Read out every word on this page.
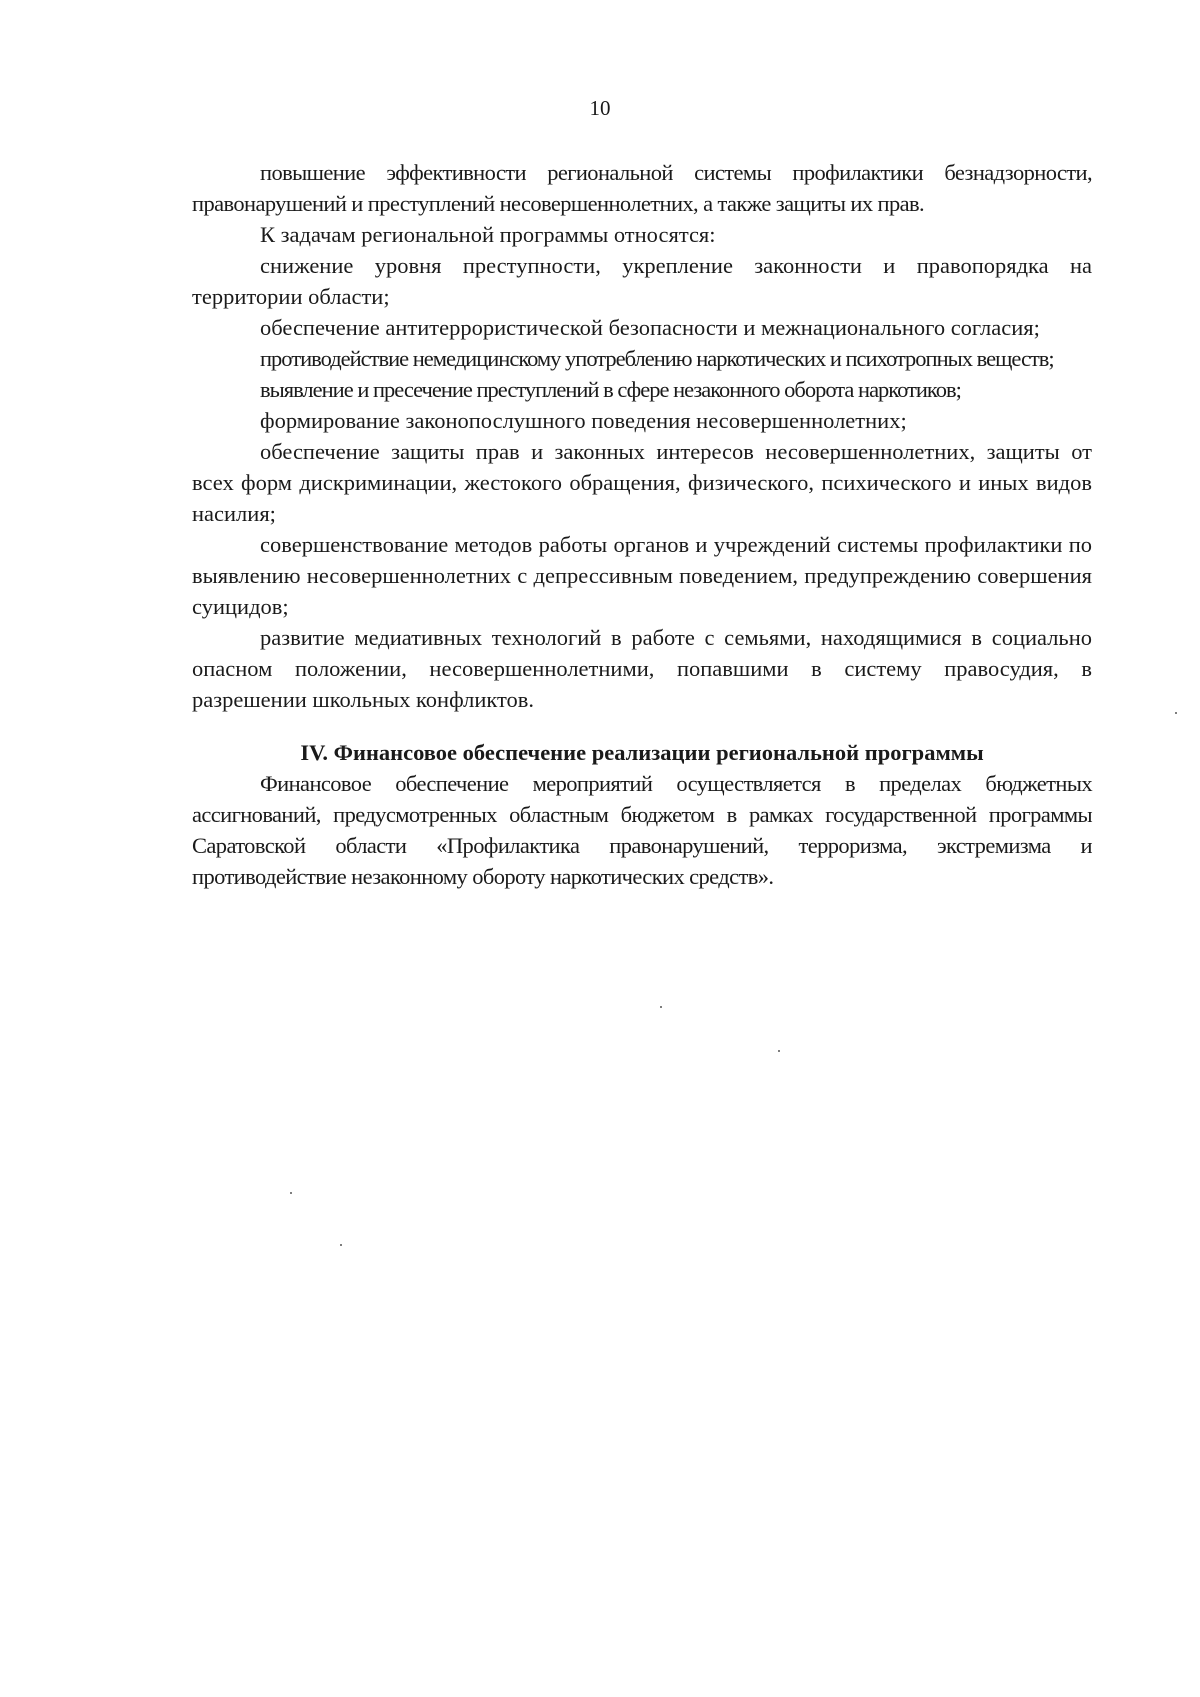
10

повышение эффективности региональной системы профилактики безнадзорности, правонарушений и преступлений несовершеннолетних, а также защиты их прав.

К задачам региональной программы относятся:

снижение уровня преступности, укрепление законности и правопорядка на территории области;

обеспечение антитеррористической безопасности и межнационального согласия;

противодействие немедицинскому употреблению наркотических и психотропных веществ;

выявление и пресечение преступлений в сфере незаконного оборота наркотиков;

формирование законопослушного поведения несовершеннолетних;

обеспечение защиты прав и законных интересов несовершеннолетних, защиты от всех форм дискриминации, жестокого обращения, физического, психического и иных видов насилия;

совершенствование методов работы органов и учреждений системы профилактики по выявлению несовершеннолетних с депрессивным поведением, предупреждению совершения суицидов;

развитие медиативных технологий в работе с семьями, находящимися в социально опасном положении, несовершеннолетними, попавшими в систему правосудия, в разрешении школьных конфликтов.

IV. Финансовое обеспечение реализации региональной программы

Финансовое обеспечение мероприятий осуществляется в пределах бюджетных ассигнований, предусмотренных областным бюджетом в рамках государственной программы Саратовской области «Профилактика правонарушений, терроризма, экстремизма и противодействие незаконному обороту наркотических средств».
